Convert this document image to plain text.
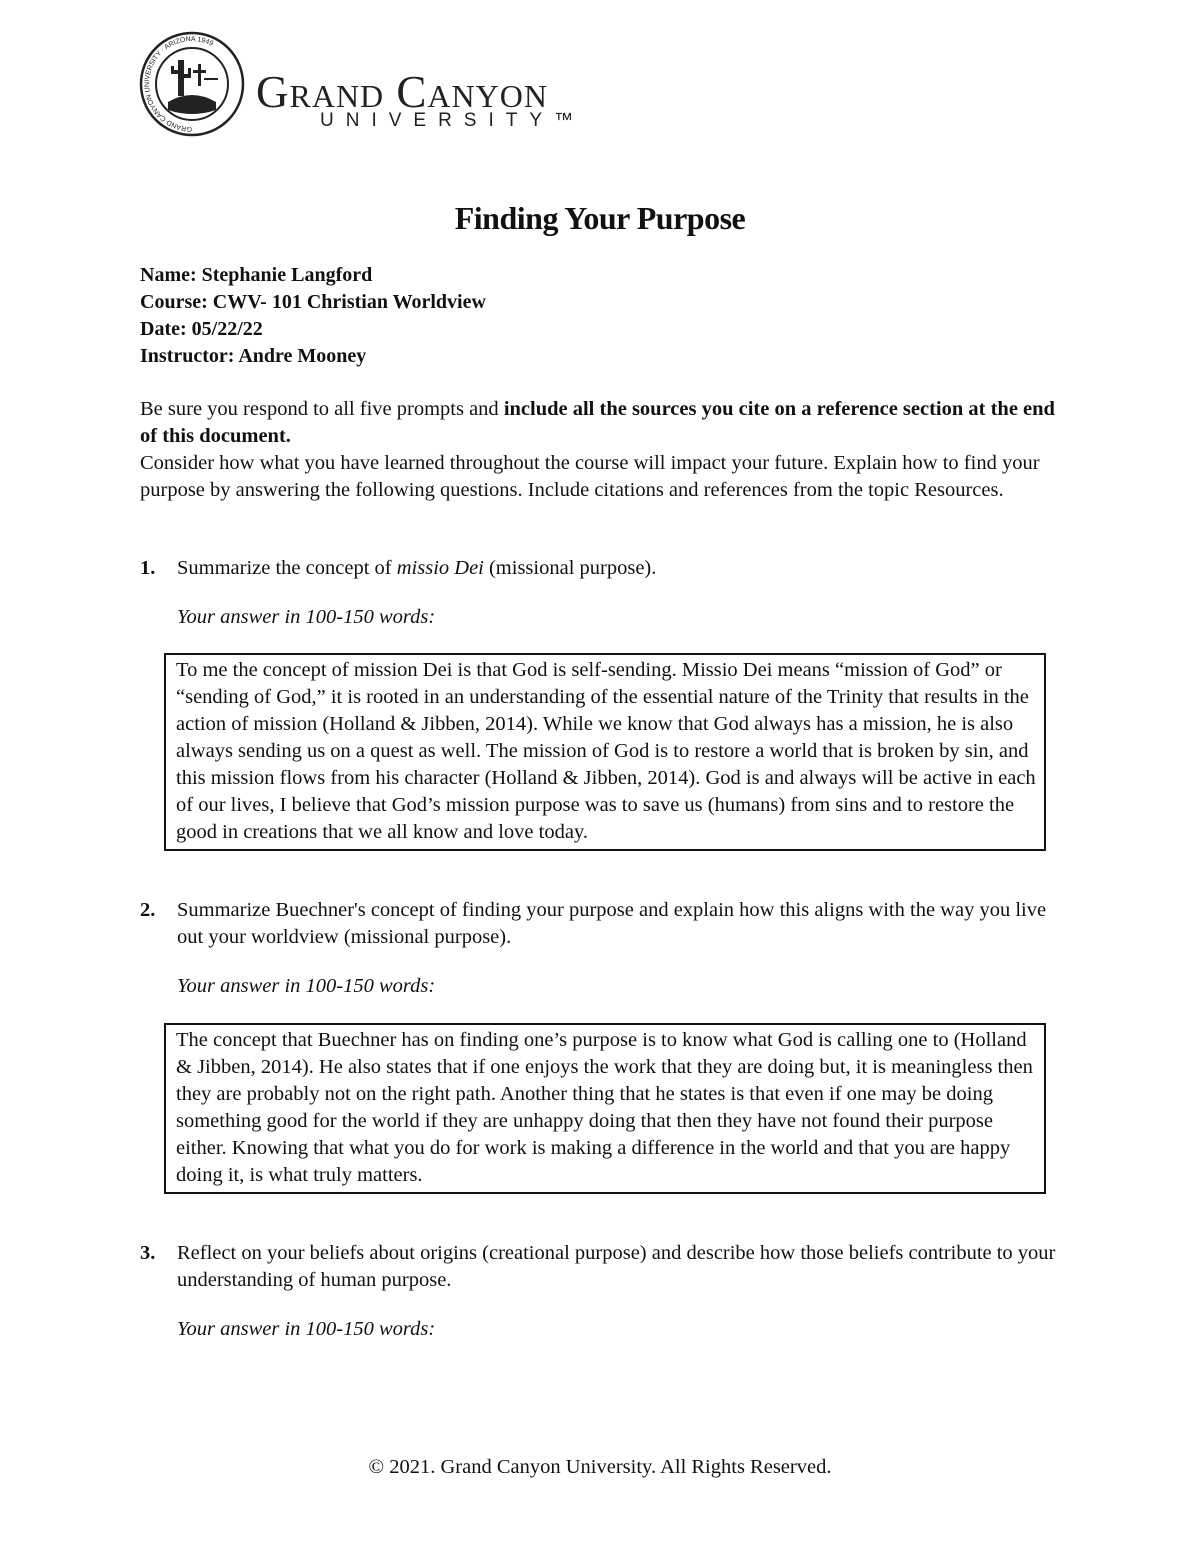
GRAND CANYON UNIVERSITY · ARIZONA 1949
Grand Canyon
UNIVERSITY™
Finding Your Purpose
Name: Stephanie Langford
Course: CWV- 101 Christian Worldview
Date: 05/22/22
Instructor: Andre Mooney
Be sure you respond to all five prompts and include all the sources you cite on a reference section at the end of this document.
Consider how what you have learned throughout the course will impact your future. Explain how to find your purpose by answering the following questions. Include citations and references from the topic Resources.
1. Summarize the concept of missio Dei (missional purpose).
Your answer in 100-150 words:
To me the concept of mission Dei is that God is self-sending. Missio Dei means “mission of God” or “sending of God,” it is rooted in an understanding of the essential nature of the Trinity that results in the action of mission (Holland & Jibben, 2014). While we know that God always has a mission, he is also always sending us on a quest as well. The mission of God is to restore a world that is broken by sin, and this mission flows from his character (Holland & Jibben, 2014). God is and always will be active in each of our lives, I believe that God’s mission purpose was to save us (humans) from sins and to restore the good in creations that we all know and love today.
2. Summarize Buechner's concept of finding your purpose and explain how this aligns with the way you live out your worldview (missional purpose).
Your answer in 100-150 words:
The concept that Buechner has on finding one’s purpose is to know what God is calling one to (Holland & Jibben, 2014). He also states that if one enjoys the work that they are doing but, it is meaningless then they are probably not on the right path. Another thing that he states is that even if one may be doing something good for the world if they are unhappy doing that then they have not found their purpose either. Knowing that what you do for work is making a difference in the world and that you are happy doing it, is what truly matters.
3. Reflect on your beliefs about origins (creational purpose) and describe how those beliefs contribute to your understanding of human purpose.
Your answer in 100-150 words:
© 2021. Grand Canyon University. All Rights Reserved.
